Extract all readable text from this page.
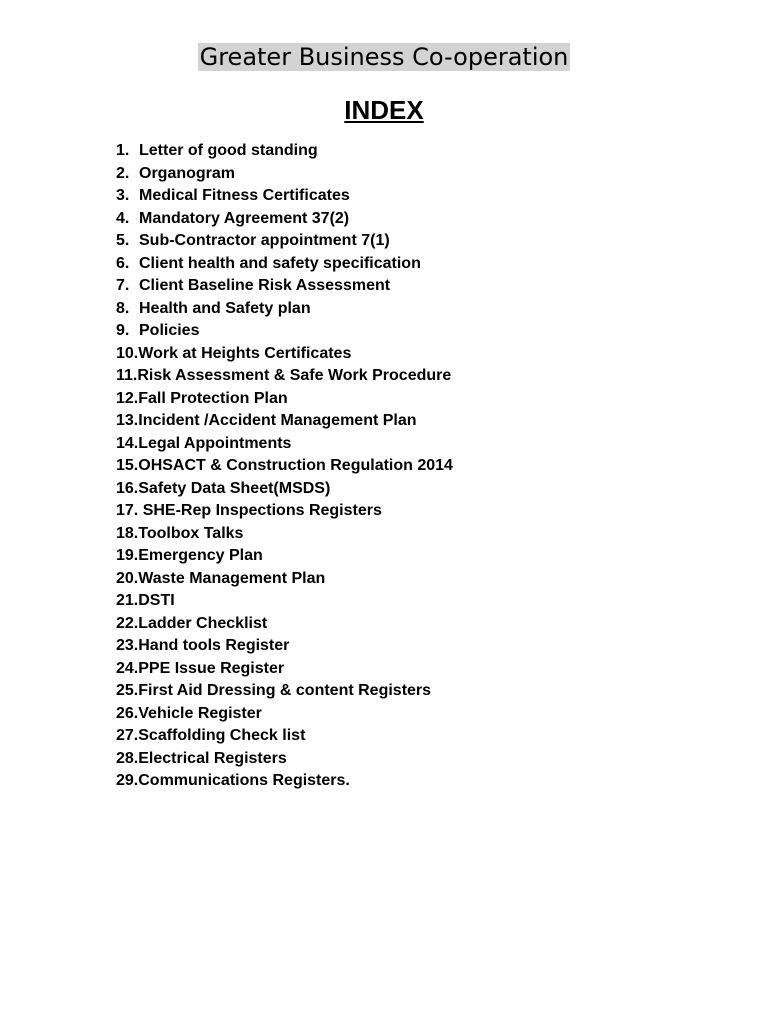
Greater Business Co-operation
INDEX
1. Letter of good standing
2. Organogram
3. Medical Fitness Certificates
4. Mandatory Agreement 37(2)
5. Sub-Contractor appointment 7(1)
6. Client health and safety specification
7. Client Baseline Risk Assessment
8. Health and Safety plan
9. Policies
10. Work at Heights Certificates
11. Risk Assessment & Safe Work Procedure
12. Fall Protection Plan
13. Incident /Accident Management Plan
14. Legal Appointments
15. OHSACT & Construction Regulation 2014
16. Safety Data Sheet(MSDS)
17. SHE-Rep Inspections Registers
18. Toolbox Talks
19. Emergency Plan
20. Waste Management Plan
21. DSTI
22. Ladder Checklist
23. Hand tools Register
24. PPE Issue Register
25. First Aid Dressing & content Registers
26. Vehicle Register
27. Scaffolding Check list
28. Electrical Registers
29. Communications Registers.
